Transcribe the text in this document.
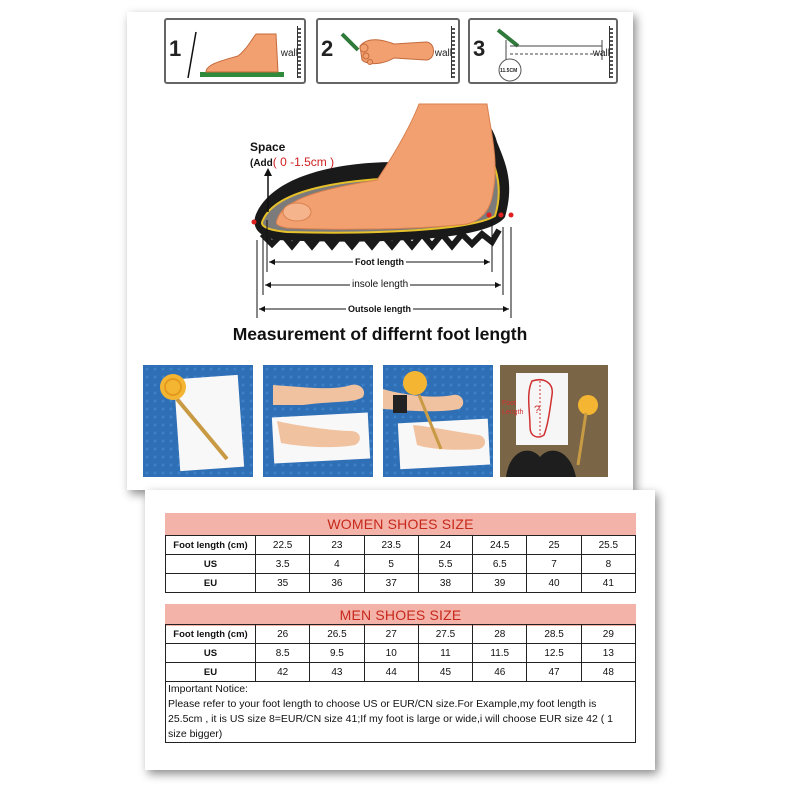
1	wall 2	wall 3
11.5CM
wall
Space
(Add( 0 -1.5cm )
Foot length
insole length
Outsole length
Measurement of differnt foot length
?
Foot Length
WOMEN SHOES SIZE
Foot length (cm)	22.5	23	23.5	24	24.5	25	25.5
US	3.5	4	5	5.5	6.5	7	8
EU	35	36	37	38	39	40	41
MEN SHOES SIZE
Foot length (cm)	26	26.5	27	27.5	28	28.5	29
US	8.5	9.5	10	11	11.5	12.5	13
EU	42	43	44	45	46	47	48
Important Notice:
Please refer to your foot length to choose US or EUR/CN size.For Example,my foot length is 25.5cm , it is US size 8=EUR/CN size 41;If my foot is large or wide,i will choose EUR size 42 ( 1 size bigger)
